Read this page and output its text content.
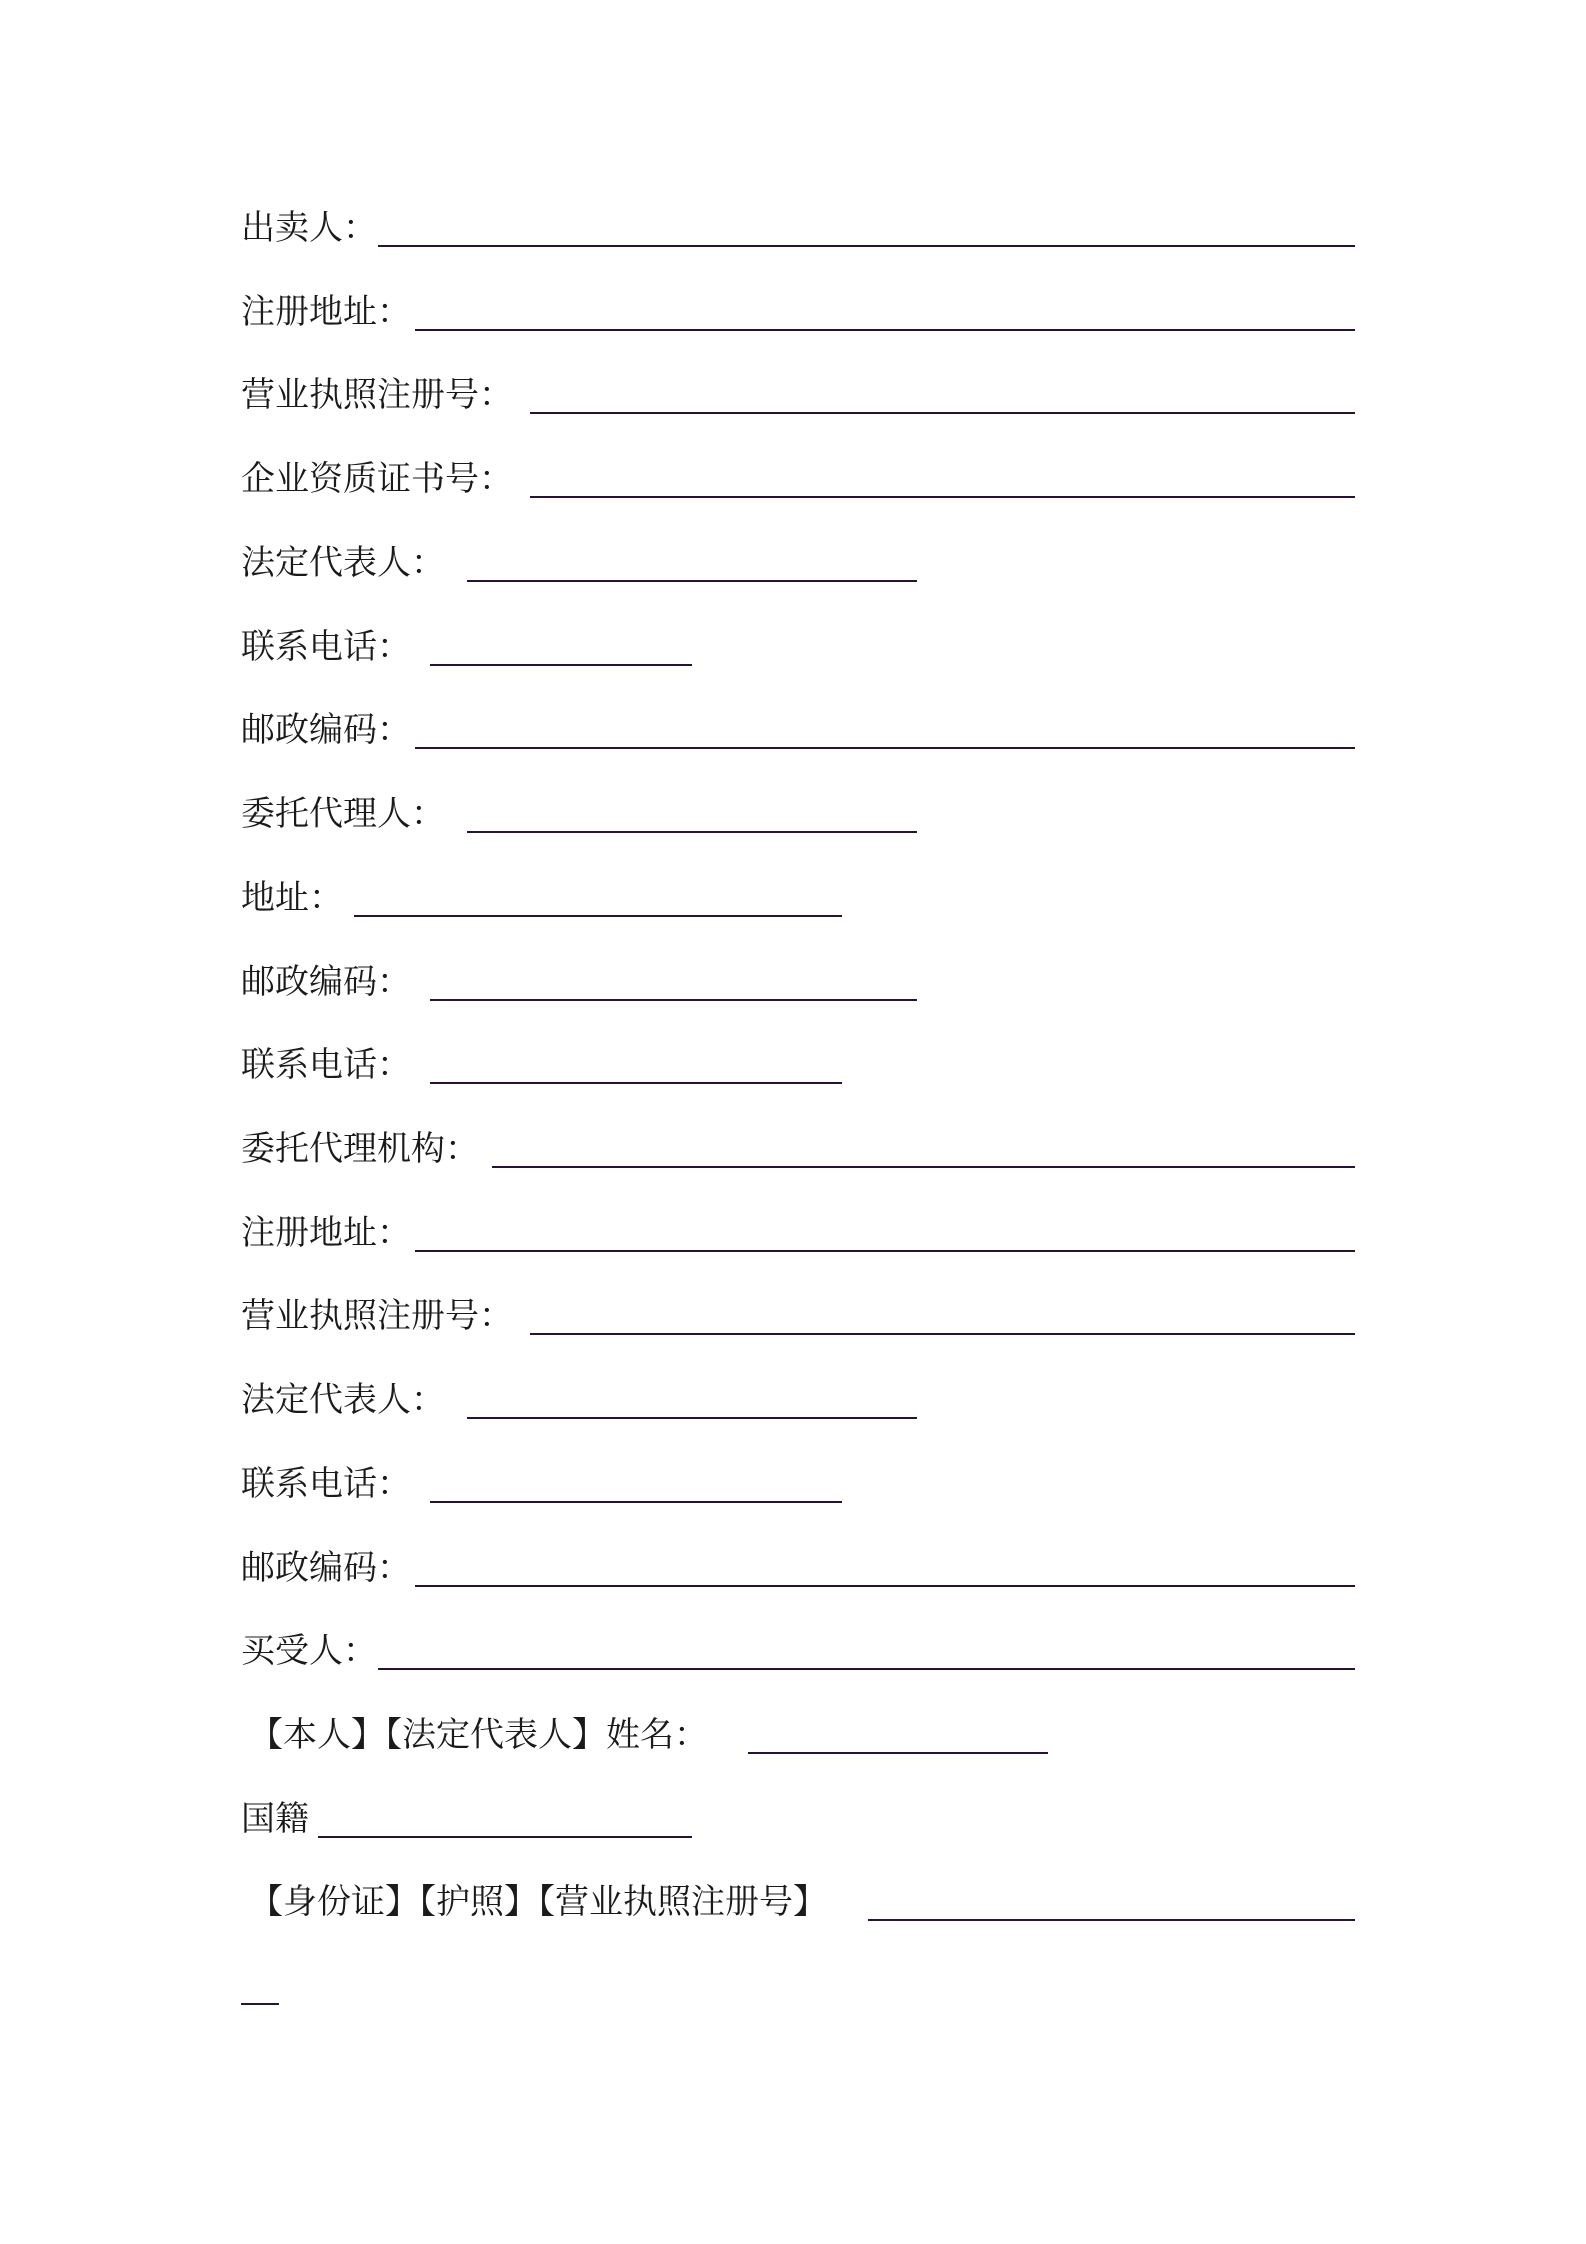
出卖人：
注册地址：
营业执照注册号：
企业资质证书号：
法定代表人：
联系电话：
邮政编码：
委托代理人：
地址：
邮政编码：
联系电话：
委托代理机构：
注册地址：
营业执照注册号：
法定代表人：
联系电话：
邮政编码：
买受人：
【本人】【法定代表人】姓名：
国籍
【身份证】【护照】【营业执照注册号】
